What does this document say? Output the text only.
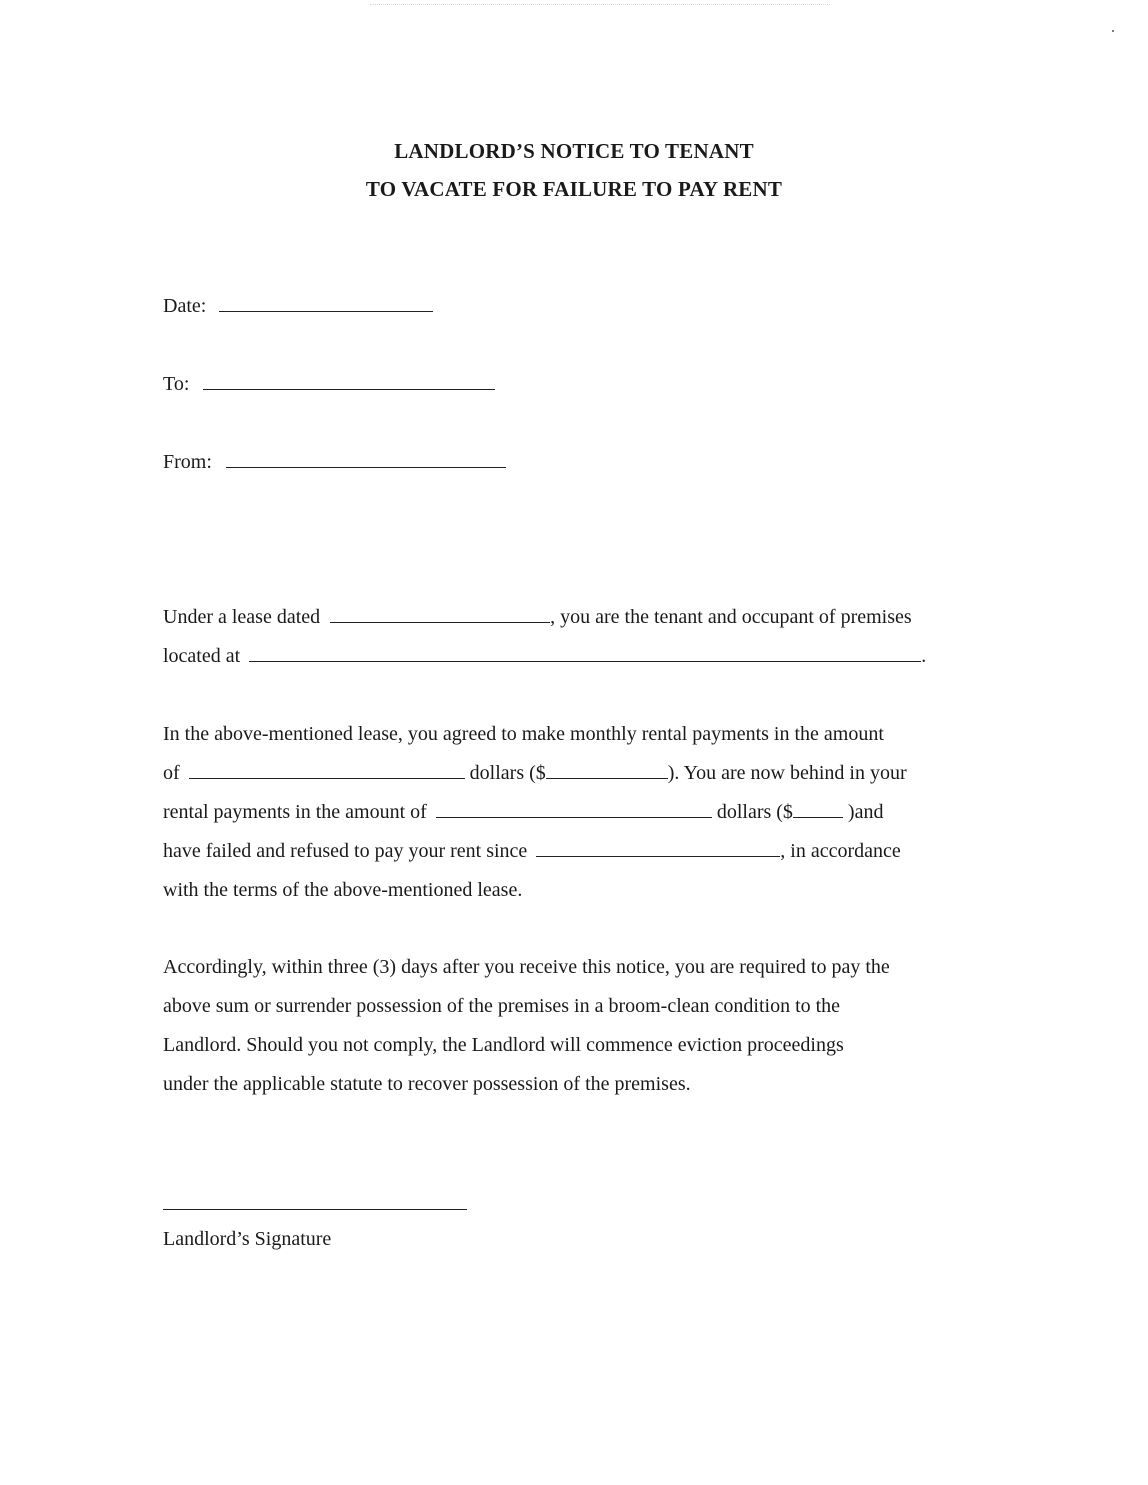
LANDLORD’S NOTICE TO TENANT
TO VACATE FOR FAILURE TO PAY RENT
Date:
To:
From:
Under a lease dated	, you are the tenant and occupant of premises
located at	.
In the above-mentioned lease, you agreed to make monthly rental payments in the amount
of	dollars ($	). You are now behind in your
rental payments in the amount of	dollars ($	)and
have failed and refused to pay your rent since	, in accordance
with the terms of the above-mentioned lease.
Accordingly, within three (3) days after you receive this notice, you are required to pay the
above sum or surrender possession of the premises in a broom-clean condition to the
Landlord. Should you not comply, the Landlord will commence eviction proceedings
under the applicable statute to recover possession of the premises.
Landlord’s Signature
